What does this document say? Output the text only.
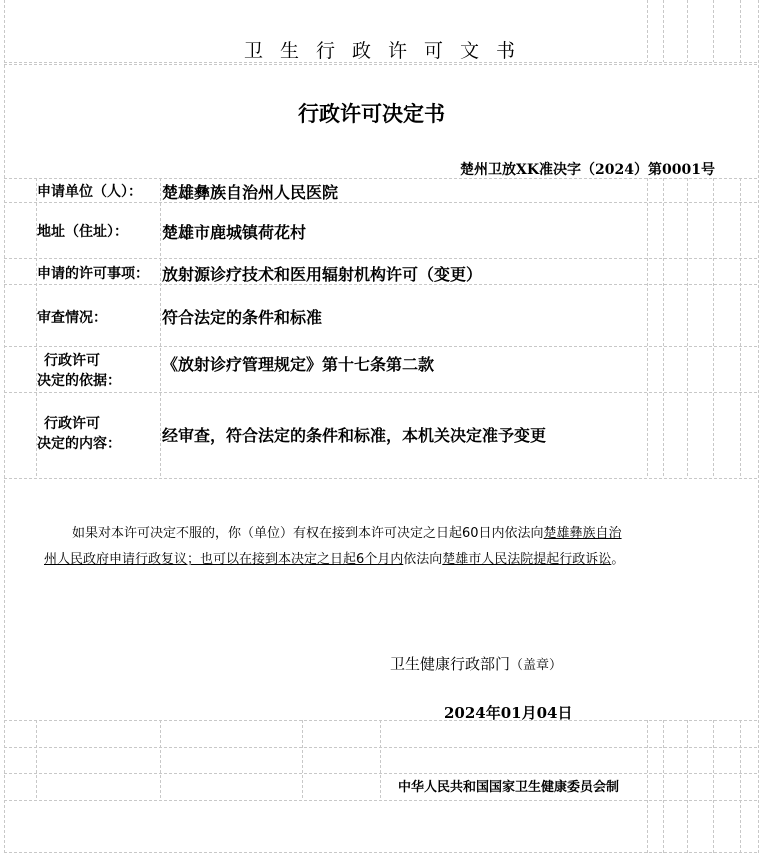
卫生行政许可文书
行政许可决定书
楚州卫放XK准决字（2024）第0001号
申请单位（人）： 楚雄彝族自治州人民医院
地址（住址）： 楚雄市鹿城镇荷花村
申请的许可事项： 放射源诊疗技术和医用辐射机构许可（变更）
审查情况：	符合法定的条件和标准
行政许可
决定的依据：
《放射诊疗管理规定》第十七条第二款
行政许可
决定的内容：	经审查，符合法定的条件和标准，本机关决定准予变更
如果对本许可决定不服的，你（单位）有权在接到本许可决定之日起60日内依法向楚雄彝族自治
州人民政府申请行政复议；也可以在接到本决定之日起6个月内依法向楚雄市人民法院提起行政诉讼。
卫生健康行政部门（盖章）
2024年01月04日
中华人民共和国国家卫生健康委员会制
